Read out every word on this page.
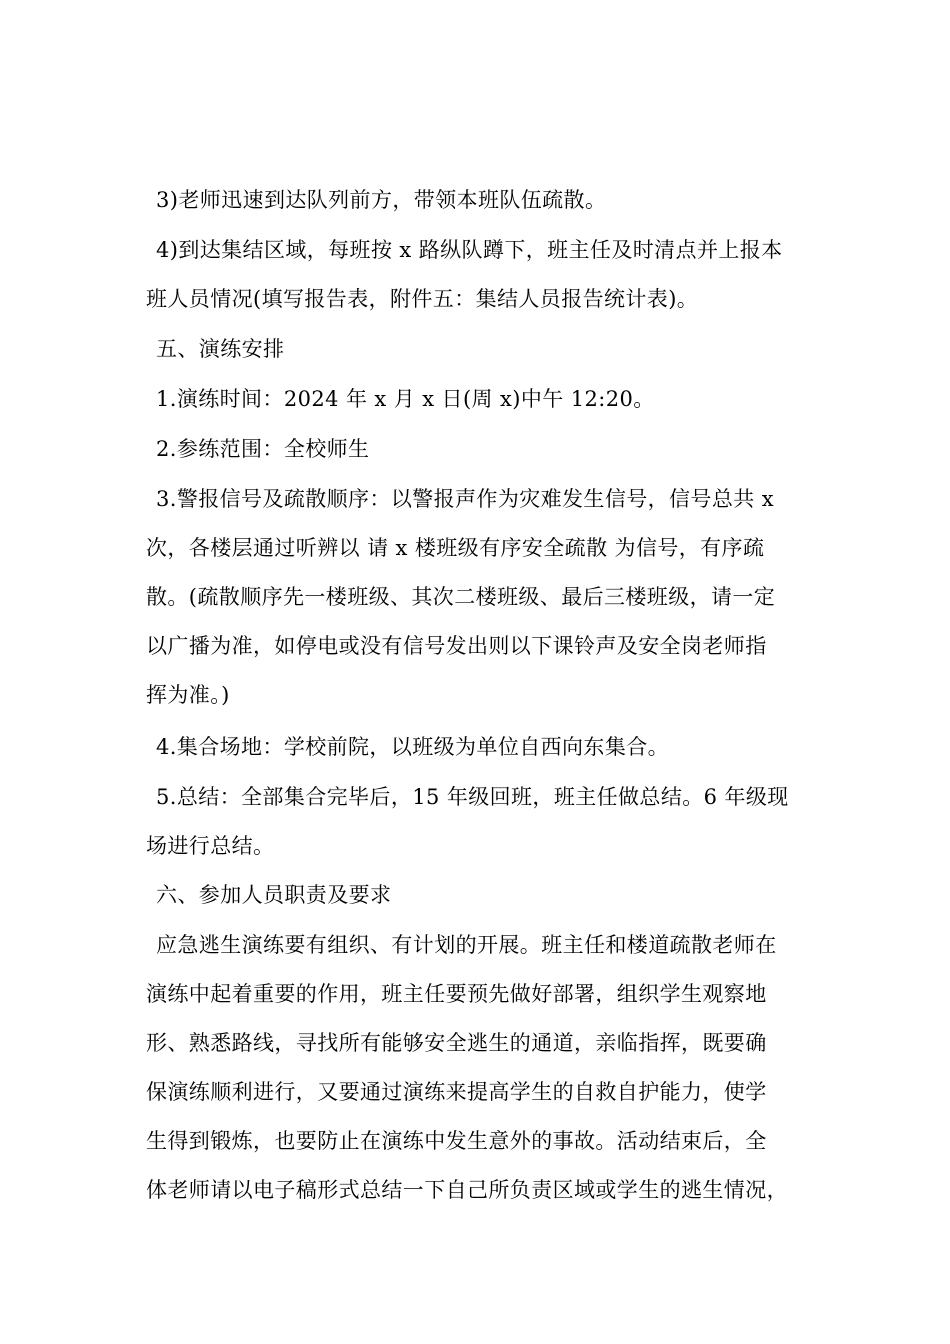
3)老师迅速到达队列前方，带领本班队伍疏散。
4)到达集结区域，每班按 x 路纵队蹲下，班主任及时清点并上报本
班人员情况(填写报告表，附件五：集结人员报告统计表)。
五、演练安排
1.演练时间：2024 年 x 月 x 日(周 x)中午 12:20。
2.参练范围：全校师生
3.警报信号及疏散顺序：以警报声作为灾难发生信号，信号总共 x
次，各楼层通过听辨以 请 x 楼班级有序安全疏散 为信号，有序疏
散。(疏散顺序先一楼班级、其次二楼班级、最后三楼班级，请一定
以广播为准，如停电或没有信号发出则以下课铃声及安全岗老师指
挥为准。)
4.集合场地：学校前院，以班级为单位自西向东集合。
5.总结：全部集合完毕后，15 年级回班，班主任做总结。6 年级现
场进行总结。
六、参加人员职责及要求
应急逃生演练要有组织、有计划的开展。班主任和楼道疏散老师在
演练中起着重要的作用，班主任要预先做好部署，组织学生观察地
形、熟悉路线，寻找所有能够安全逃生的通道，亲临指挥，既要确
保演练顺利进行，又要通过演练来提高学生的自救自护能力，使学
生得到锻炼，也要防止在演练中发生意外的事故。活动结束后，全
体老师请以电子稿形式总结一下自己所负责区域或学生的逃生情况，
